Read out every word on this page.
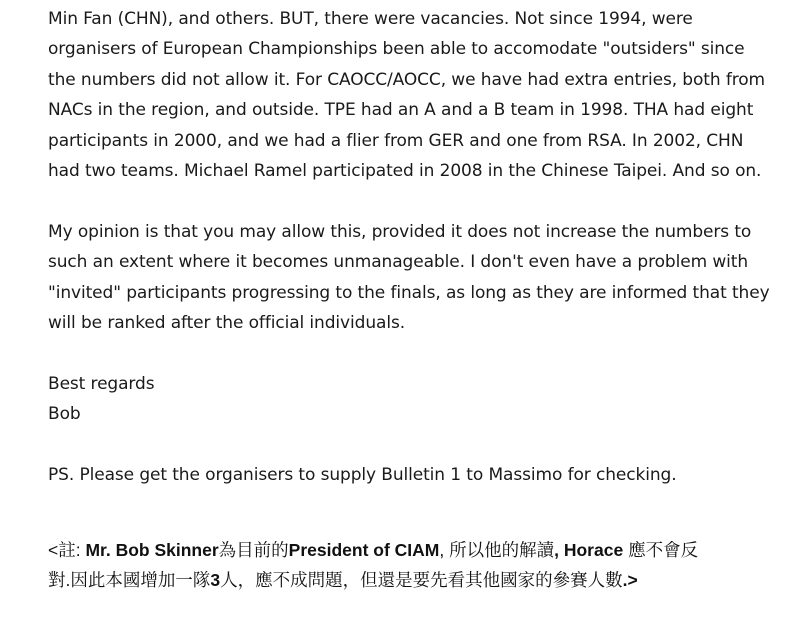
Min Fan (CHN), and others. BUT, there were vacancies. Not since 1994, were
organisers of European Championships been able to accomodate "outsiders" since
the numbers did not allow it. For CAOCC/AOCC, we have had extra entries, both from
NACs in the region, and outside. TPE had an A and a B team in 1998. THA had eight
participants in 2000, and we had a flier from GER and one from RSA. In 2002, CHN
had two teams. Michael Ramel participated in 2008 in the Chinese Taipei. And so on.
My opinion is that you may allow this, provided it does not increase the numbers to
such an extent where it becomes unmanageable. I don't even have a problem with
"invited" participants progressing to the finals, as long as they are informed that they
will be ranked after the official individuals.
Best regards
Bob
PS. Please get the organisers to supply Bulletin 1 to Massimo for checking.
<註: Mr. Bob Skinner為目前的President of CIAM, 所以他的解讀, Horace 應不會反
對.因此本國增加一隊3人，應不成問題，但還是要先看其他國家的參賽人數.>
